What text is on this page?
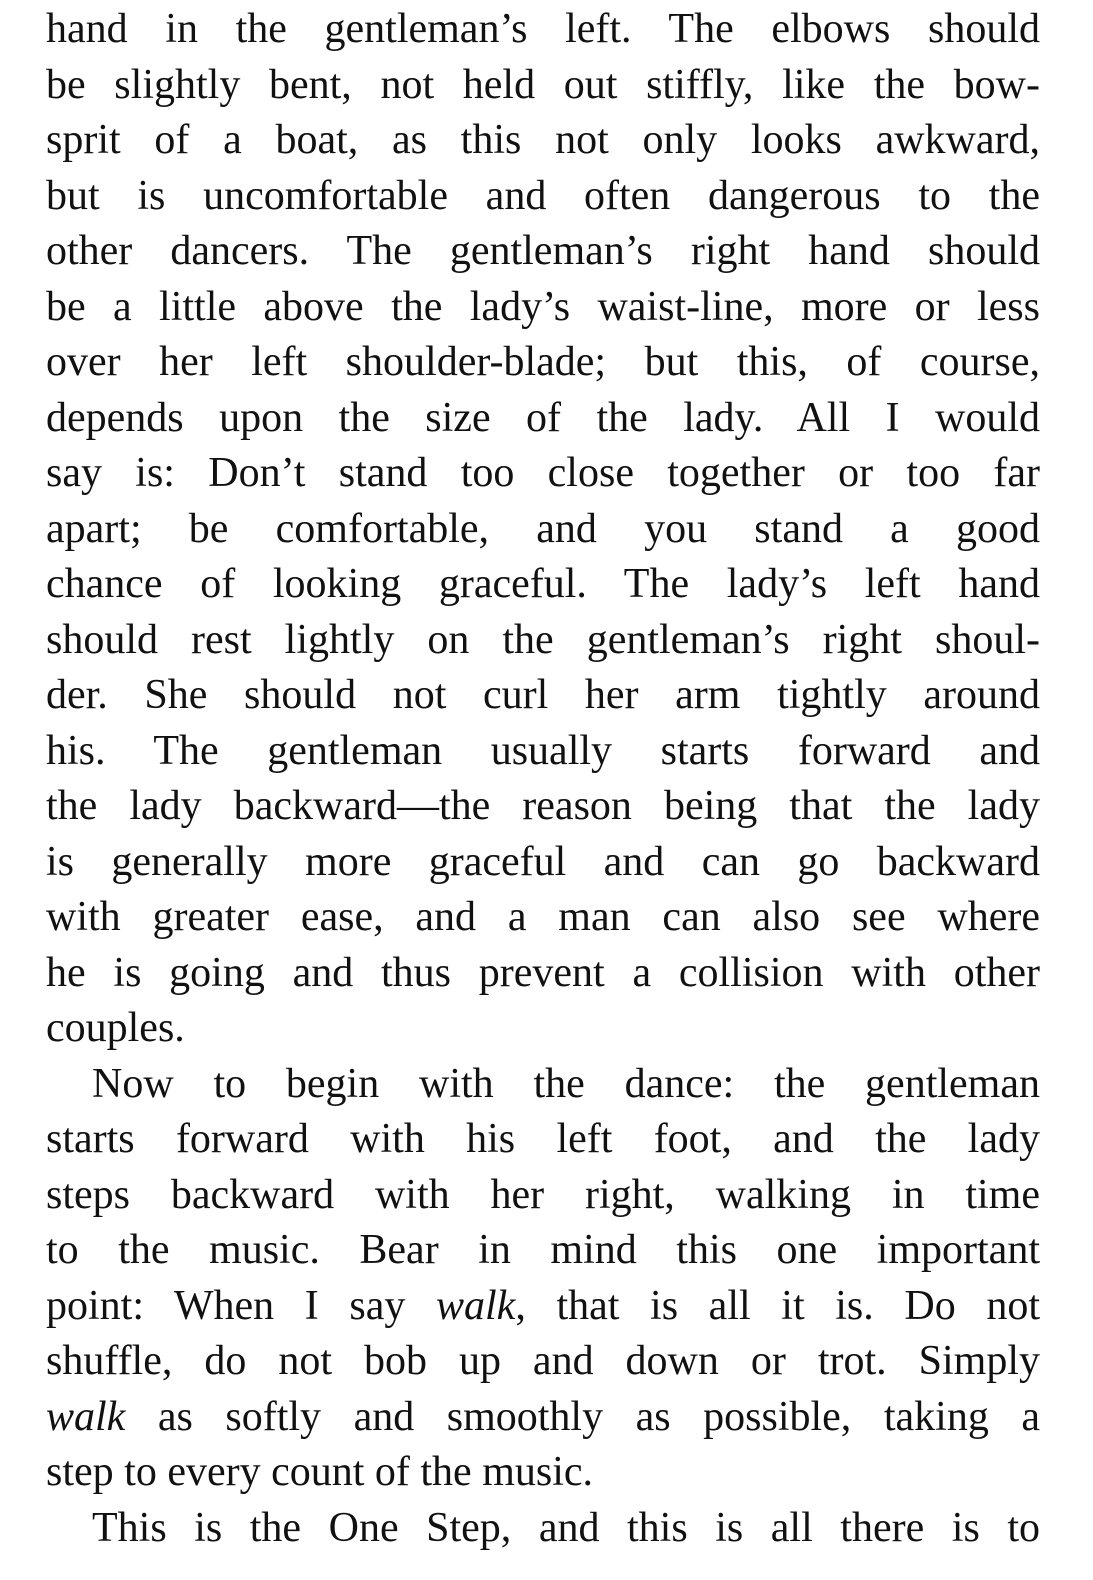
hand in the gentleman’s left. The elbows should
be slightly bent, not held out stiffly, like the bow-
sprit of a boat, as this not only looks awkward,
but is uncomfortable and often dangerous to the
other dancers. The gentleman’s right hand should
be a little above the lady’s waist-line, more or less
over her left shoulder-blade; but this, of course,
depends upon the size of the lady. All I would
say is: Don’t stand too close together or too far
apart; be comfortable, and you stand a good
chance of looking graceful. The lady’s left hand
should rest lightly on the gentleman’s right shoul-
der. She should not curl her arm tightly around
his. The gentleman usually starts forward and
the lady backward—the reason being that the lady
is generally more graceful and can go backward
with greater ease, and a man can also see where
he is going and thus prevent a collision with other
couples.
Now to begin with the dance: the gentleman
starts forward with his left foot, and the lady
steps backward with her right, walking in time
to the music. Bear in mind this one important
point: When I say walk, that is all it is. Do not
shuffle, do not bob up and down or trot. Simply
walk as softly and smoothly as possible, taking a
step to every count of the music.
This is the One Step, and this is all there is to
